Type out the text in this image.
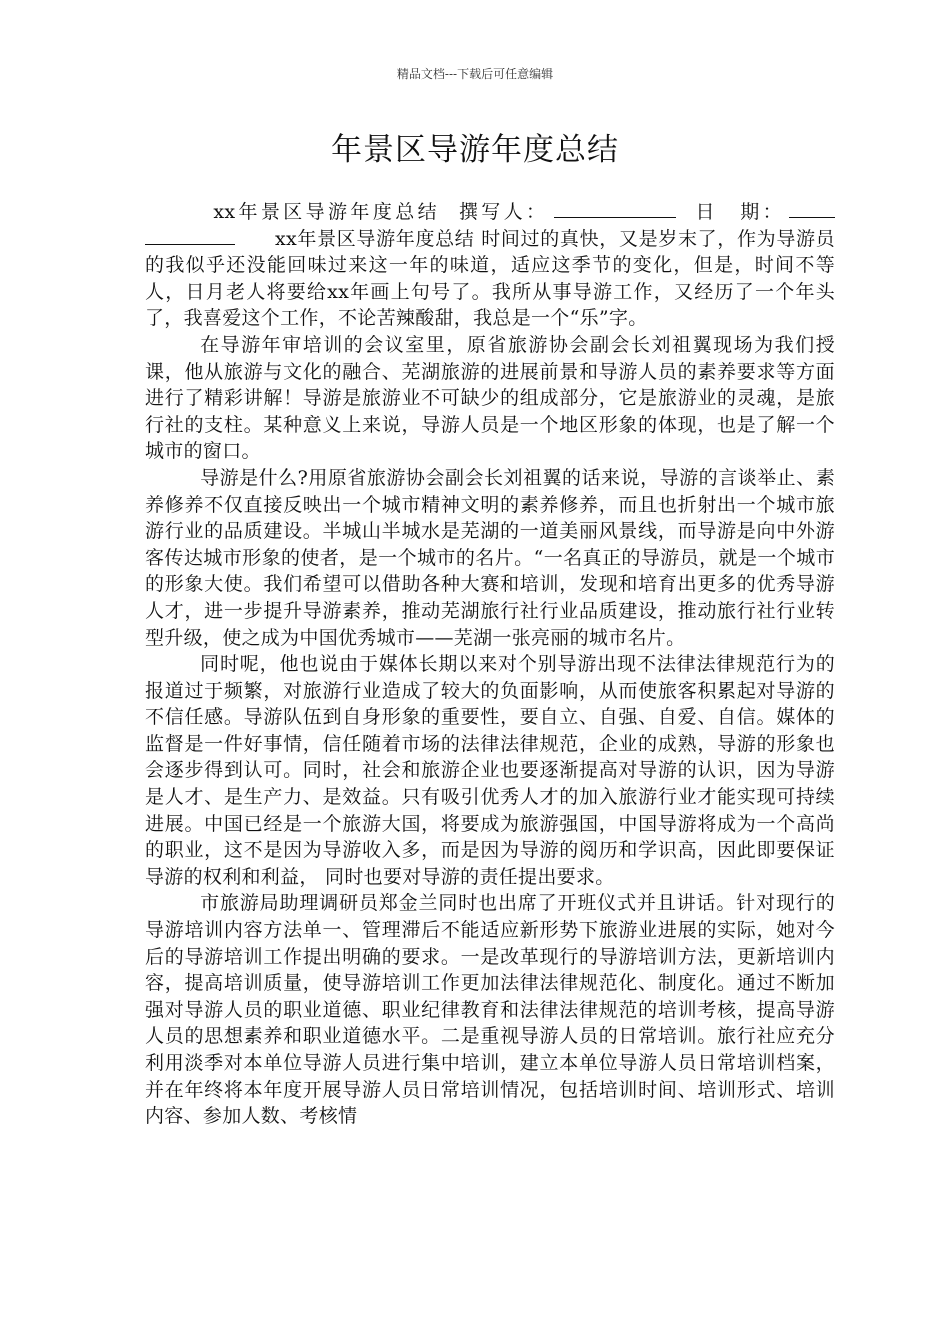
精品文档---下载后可任意编辑
年景区导游年度总结

xx年景区导游年度总结 撰写人：	日　期：xx年景区导游年度总结 时间过的真快，又是岁末了，作为导游员的我似乎还没能回味过来这一年的味道，适应这季节的变化，但是，时间不等人，日月老人将要给xx年画上句号了。我所从事导游工作，又经历了一个年头了，我喜爱这个工作，不论苦辣酸甜，我总是一个“乐”字。

在导游年审培训的会议室里，原省旅游协会副会长刘祖翼现场为我们授课，他从旅游与文化的融合、芜湖旅游的进展前景和导游人员的素养要求等方面进行了精彩讲解！导游是旅游业不可缺少的组成部分，它是旅游业的灵魂，是旅行社的支柱。某种意义上来说，导游人员是一个地区形象的体现，也是了解一个城市的窗口。

导游是什么?用原省旅游协会副会长刘祖翼的话来说，导游的言谈举止、素养修养不仅直接反映出一个城市精神文明的素养修养，而且也折射出一个城市旅游行业的品质建设。半城山半城水是芜湖的一道美丽风景线，而导游是向中外游客传达城市形象的使者，是一个城市的名片。“一名真正的导游员，就是一个城市的形象大使。我们希望可以借助各种大赛和培训，发现和培育出更多的优秀导游人才，进一步提升导游素养，推动芜湖旅行社行业品质建设，推动旅行社行业转型升级，使之成为中国优秀城市——芜湖一张亮丽的城市名片。

同时呢，他也说由于媒体长期以来对个别导游出现不法律法律规范行为的报道过于频繁，对旅游行业造成了较大的负面影响，从而使旅客积累起对导游的不信任感。导游队伍到自身形象的重要性，要自立、自强、自爱、自信。媒体的监督是一件好事情，信任随着市场的法律法律规范，企业的成熟，导游的形象也会逐步得到认可。同时，社会和旅游企业也要逐渐提高对导游的认识，因为导游是人才、是生产力、是效益。只有吸引优秀人才的加入旅游行业才能实现可持续进展。中国已经是一个旅游大国，将要成为旅游强国，中国导游将成为一个高尚的职业，这不是因为导游收入多，而是因为导游的阅历和学识高，因此即要保证导游的权利和利益， 同时也要对导游的责任提出要求。

市旅游局助理调研员郑金兰同时也出席了开班仪式并且讲话。针对现行的导游培训内容方法单一、管理滞后不能适应新形势下旅游业进展的实际，她对今后的导游培训工作提出明确的要求。一是改革现行的导游培训方法，更新培训内容，提高培训质量，使导游培训工作更加法律法律规范化、制度化。通过不断加强对导游人员的职业道德、职业纪律教育和法律法律规范的培训考核，提高导游人员的思想素养和职业道德水平。二是重视导游人员的日常培训。旅行社应充分利用淡季对本单位导游人员进行集中培训，建立本单位导游人员日常培训档案，并在年终将本年度开展导游人员日常培训情况，包括培训时间、培训形式、培训内容、参加人数、考核情
